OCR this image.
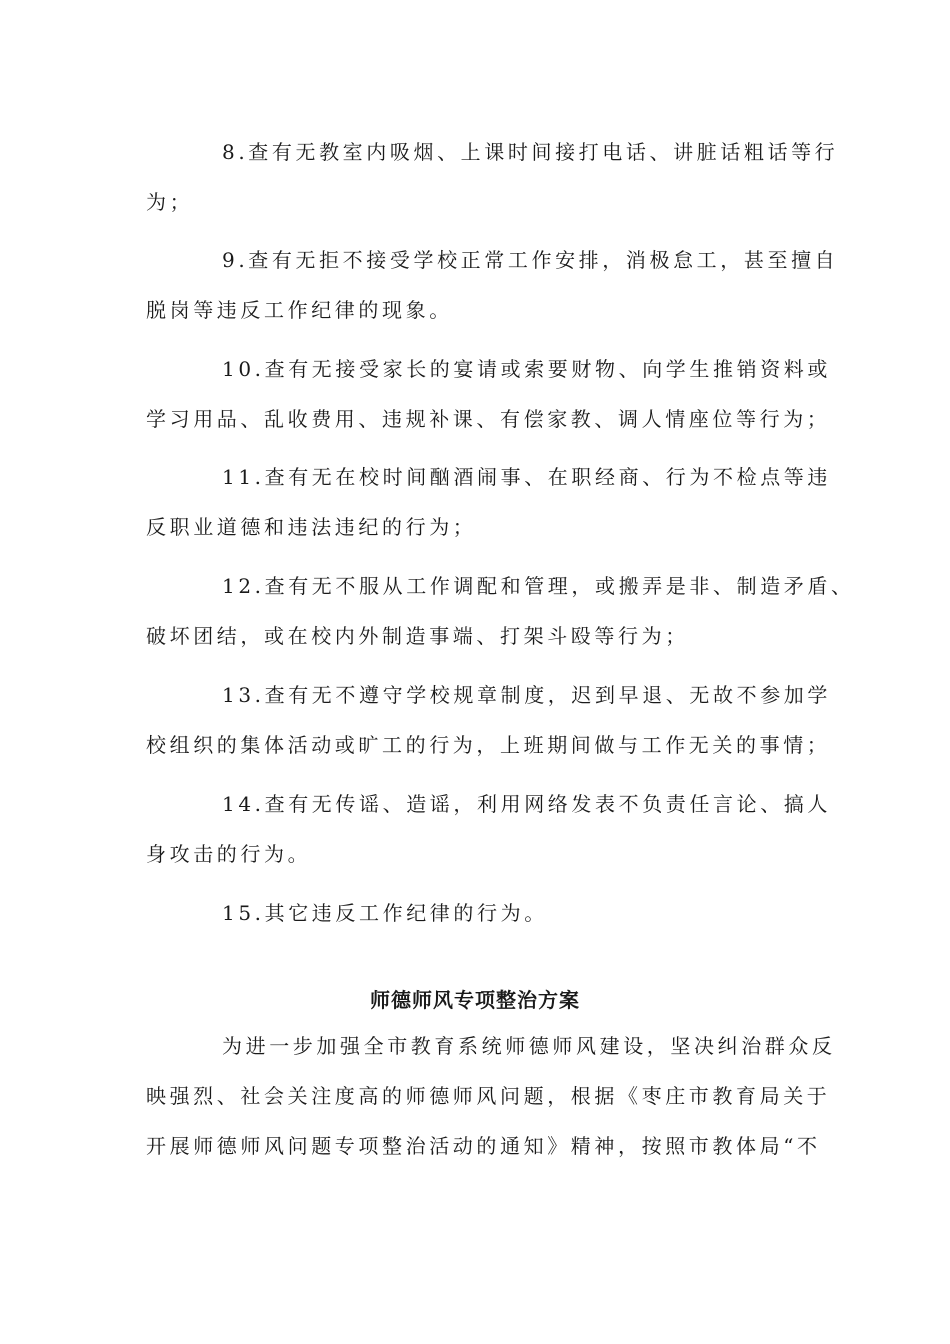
8.查有无教室内吸烟、上课时间接打电话、讲脏话粗话等行
为；
9.查有无拒不接受学校正常工作安排，消极怠工，甚至擅自
脱岗等违反工作纪律的现象。
10.查有无接受家长的宴请或索要财物、向学生推销资料或
学习用品、乱收费用、违规补课、有偿家教、调人情座位等行为；
11.查有无在校时间酗酒闹事、在职经商、行为不检点等违
反职业道德和违法违纪的行为；
12.查有无不服从工作调配和管理，或搬弄是非、制造矛盾、
破坏团结，或在校内外制造事端、打架斗殴等行为；
13.查有无不遵守学校规章制度，迟到早退、无故不参加学
校组织的集体活动或旷工的行为，上班期间做与工作无关的事情；
14.查有无传谣、造谣，利用网络发表不负责任言论、搞人
身攻击的行为。
15.其它违反工作纪律的行为。
师德师风专项整治方案
为进一步加强全市教育系统师德师风建设，坚决纠治群众反
映强烈、社会关注度高的师德师风问题，根据《枣庄市教育局关于
开展师德师风问题专项整治活动的通知》精神，按照市教体局“不
